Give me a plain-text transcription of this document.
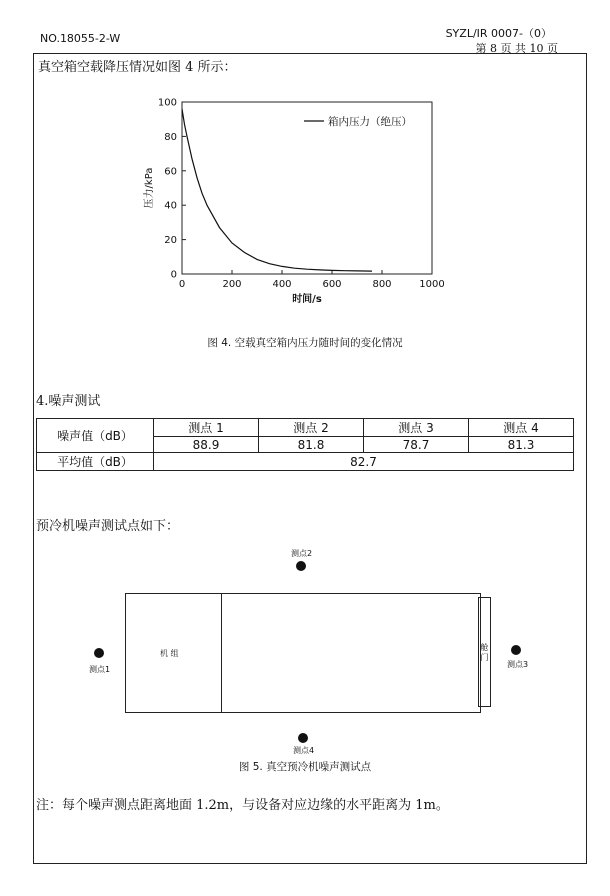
NO.18055-2-W	SYZL/IR 0007-（0）
第 8 页 共 10 页
真空箱空载降压情况如图 4 所示：
0	200	400	600	800	1000
0
20
40
60
80
100
时间/s
压力/kPa
箱内压力（绝压）
图 4. 空载真空箱内压力随时间的变化情况
4.噪声测试
噪声值（dB）	测点 1	测点 2	测点 3	测点 4
	88.9	81.8	78.7	81.3
平均值（dB）	82.7			
预冷机噪声测试点如下：
机 组	舱门
测点1
测点2
测点3
测点4
图 5. 真空预冷机噪声测试点
注：每个噪声测点距离地面 1.2m，与设备对应边缘的水平距离为 1m。
